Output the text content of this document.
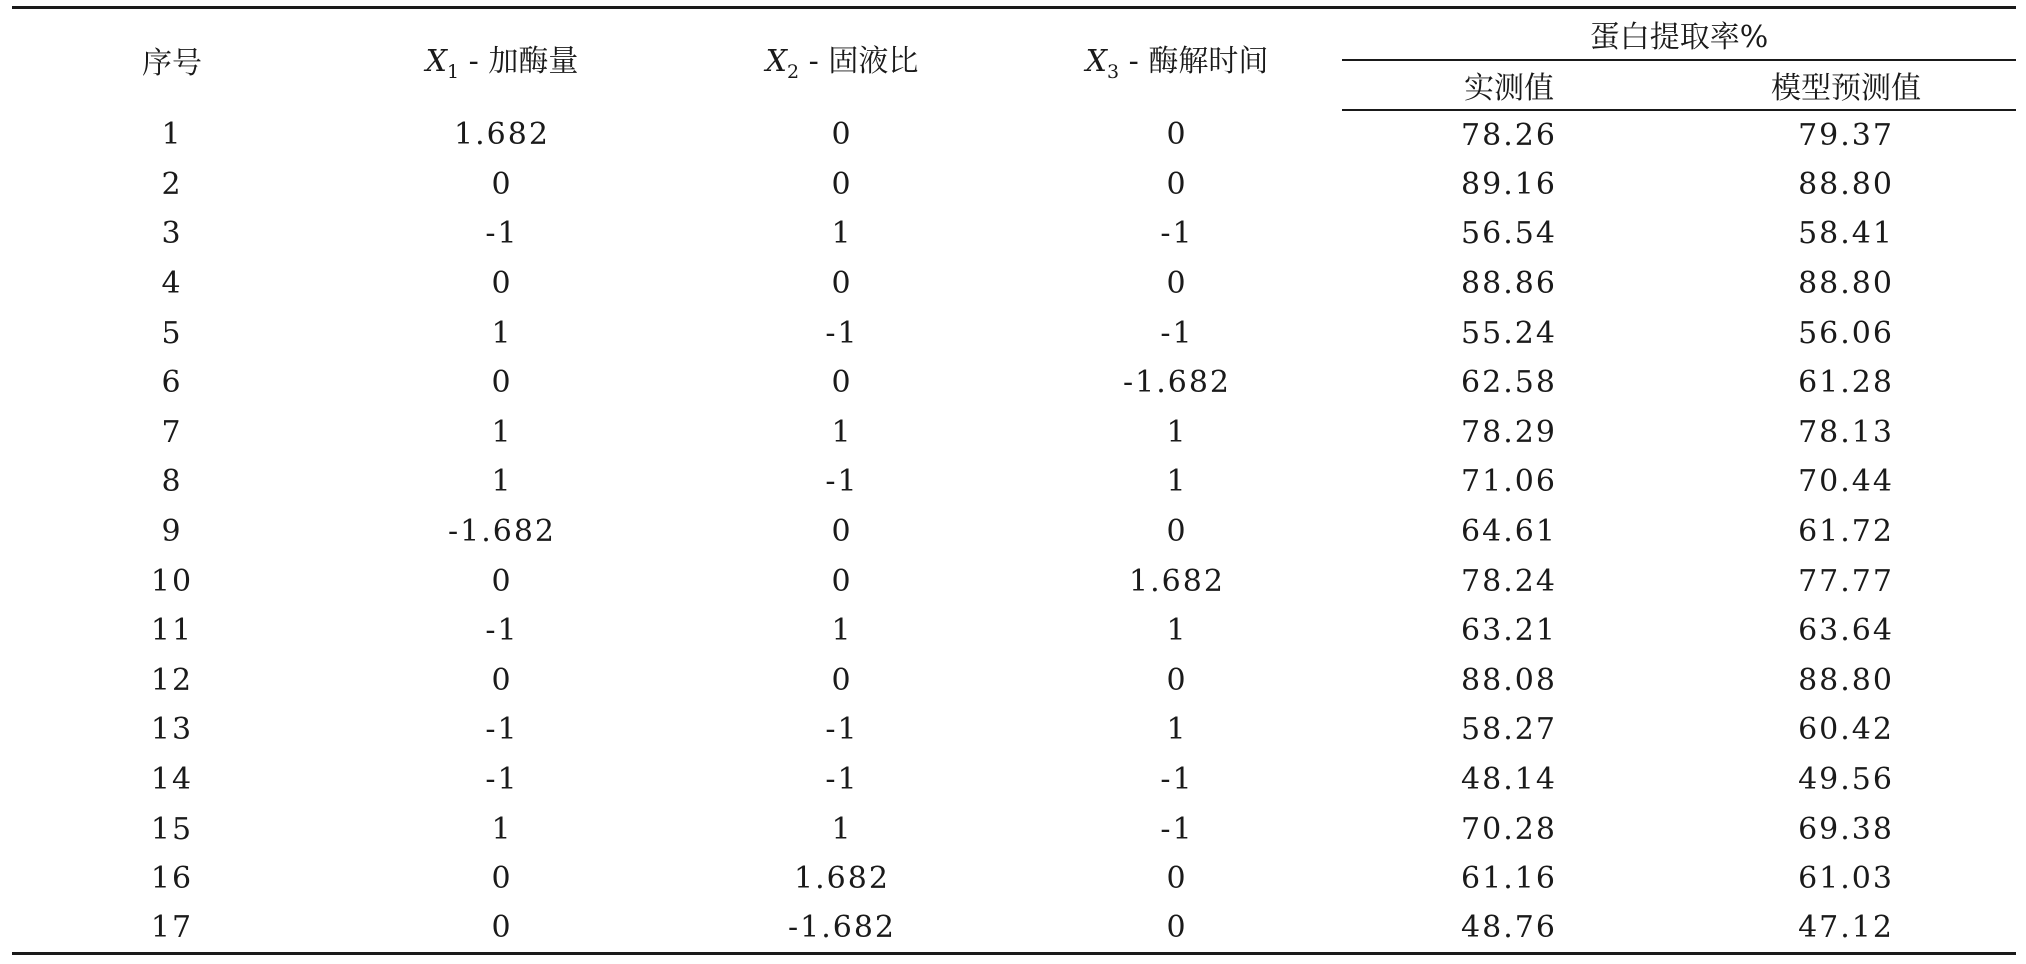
序号	$X_1$ - 加酶量	$X_2$ - 固液比	$X_3$ - 酶解时间	蛋白提取率%	
				实测值	模型预测值
1	1.682	0	0	78.26	79.37
2	0	0	0	89.16	88.80
3	-1	1	-1	56.54	58.41
4	0	0	0	88.86	88.80
5	1	-1	-1	55.24	56.06
6	0	0	-1.682	62.58	61.28
7	1	1	1	78.29	78.13
8	1	-1	1	71.06	70.44
9	-1.682	0	0	64.61	61.72
10	0	0	1.682	78.24	77.77
11	-1	1	1	63.21	63.64
12	0	0	0	88.08	88.80
13	-1	-1	1	58.27	60.42
14	-1	-1	-1	48.14	49.56
15	1	1	-1	70.28	69.38
16	0	1.682	0	61.16	61.03
17	0	-1.682	0	48.76	47.12
